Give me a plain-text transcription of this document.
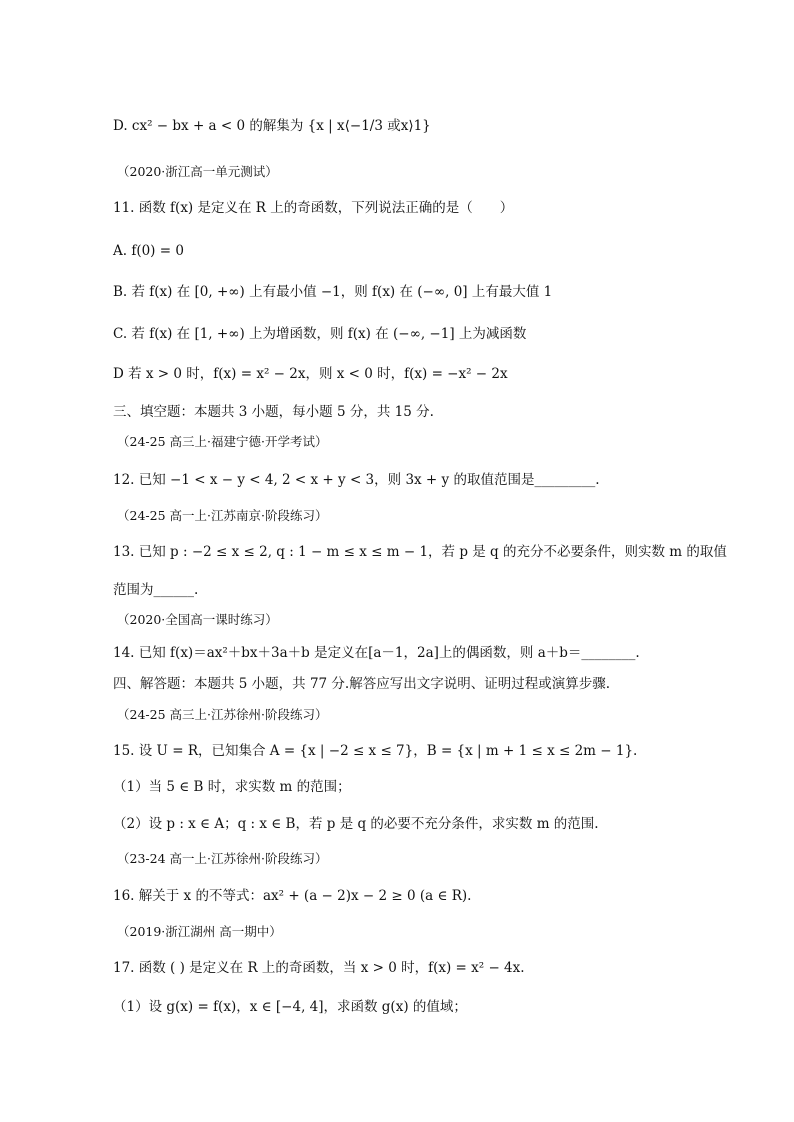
D. cx² − bx + a < 0 的解集为 {x | x⟨−1/3 或x⟩1}
（2020·浙江高一单元测试）
11. 函数 f(x) 是定义在 R 上的奇函数，下列说法正确的是（　　）
A. f(0) = 0
B. 若 f(x) 在 [0, +∞) 上有最小值 −1，则 f(x) 在 (−∞, 0] 上有最大值 1
C. 若 f(x) 在 [1, +∞) 上为增函数，则 f(x) 在 (−∞, −1] 上为减函数
D 若 x > 0 时，f(x) = x² − 2x，则 x < 0 时，f(x) = −x² − 2x
三、填空题：本题共 3 小题，每小题 5 分，共 15 分.
（24-25 高三上·福建宁德·开学考试）
12. 已知 −1 < x − y < 4, 2 < x + y < 3，则 3x + y 的取值范围是_________.
（24-25 高一上·江苏南京·阶段练习）
13. 已知 p : −2 ≤ x ≤ 2, q : 1 − m ≤ x ≤ m − 1，若 p 是 q 的充分不必要条件，则实数 m 的取值
范围为______.
（2020·全国高一课时练习）
14. 已知 f(x)＝ax²＋bx＋3a＋b 是定义在[a－1，2a]上的偶函数，则 a＋b＝________.
四、解答题：本题共 5 小题，共 77 分.解答应写出文字说明、证明过程或演算步骤.
（24-25 高三上·江苏徐州·阶段练习）
15. 设 U = R，已知集合 A = {x | −2 ≤ x ≤ 7}，B = {x | m + 1 ≤ x ≤ 2m − 1}.
（1）当 5 ∈ B 时，求实数 m 的范围；
（2）设 p : x ∈ A；q : x ∈ B，若 p 是 q 的必要不充分条件，求实数 m 的范围.
（23-24 高一上·江苏徐州·阶段练习）
16. 解关于 x 的不等式：ax² + (a − 2)x − 2 ≥ 0 (a ∈ R).
（2019·浙江湖州 高一期中）
17. 函数 ( ) 是定义在 R 上的奇函数，当 x > 0 时，f(x) = x² − 4x.
（1）设 g(x) = f(x)，x ∈ [−4, 4]，求函数 g(x) 的值域；
